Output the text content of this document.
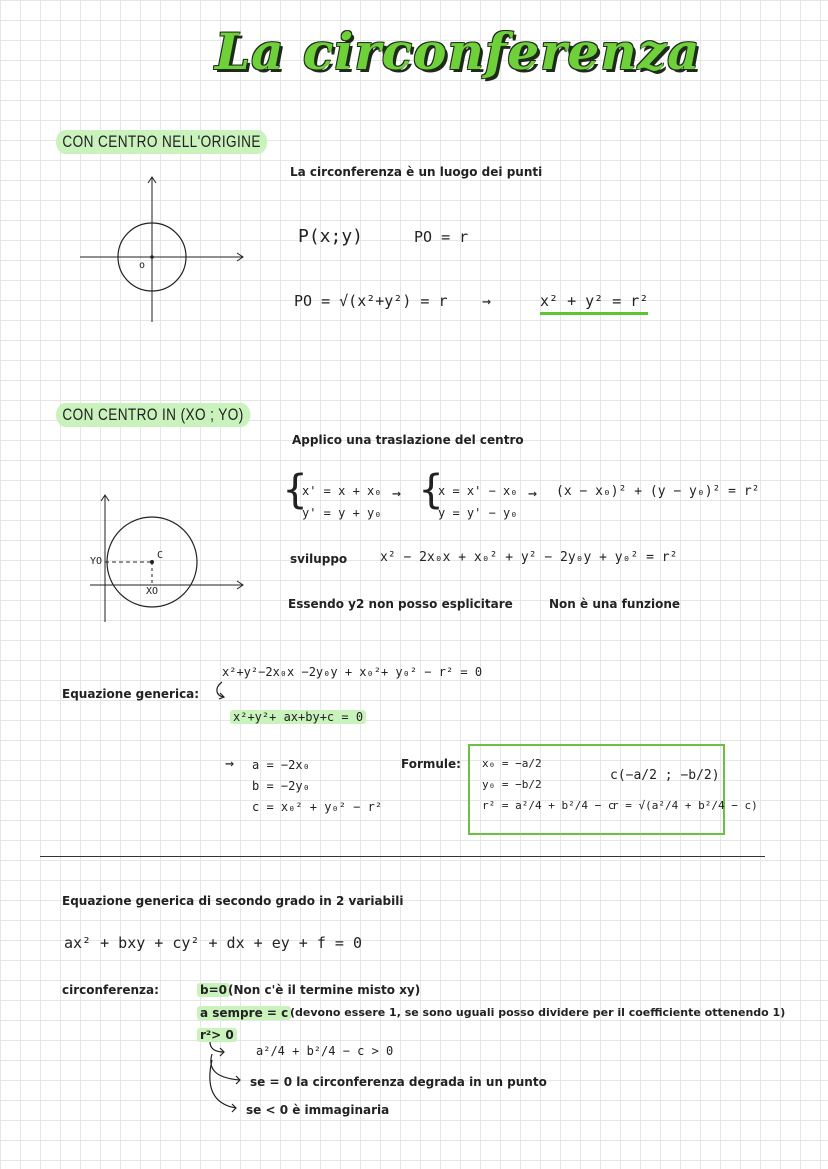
La circonferenza
CON CENTRO NELL'ORIGINE
o
La circonferenza è un luogo dei punti
P(x;y)	PO = r
PO = √(x²+y²) = r →	x² + y² = r²
CON CENTRO IN (XO ; YO)
YO
XO
C
Applico una traslazione del centro
{
x' = x + x₀
y' = y + y₀
→ {
x = x' − x₀
y = y' − y₀
→ (x − x₀)² + (y − y₀)² = r²
sviluppo	x² − 2x₀x + x₀² + y² − 2y₀y + y₀² = r²
Essendo y2 non posso esplicitare	Non è una funzione
x²+y²−2x₀x −2y₀y + x₀²+ y₀² − r² = 0
Equazione generica:
x²+y²+ ax+by+c = 0
→ a = −2x₀
b = −2y₀
c = x₀² + y₀² − r²
Formule: x₀ = −a/2
y₀ = −b/2
r² = a²/4 + b²/4 − c
c(−a/2 ; −b/2)
r = √(a²/4 + b²/4 − c)
Equazione generica di secondo grado in 2 variabili
ax² + bxy + cy² + dx + ey + f = 0
circonferenza:	b=0 (Non c'è il termine misto xy)
a sempre = c (devono essere 1, se sono uguali posso dividere per il coefficiente ottenendo 1)
r²> 0
a²/4 + b²/4 − c > 0
se = 0 la circonferenza degrada in un punto
se < 0 è immaginaria
